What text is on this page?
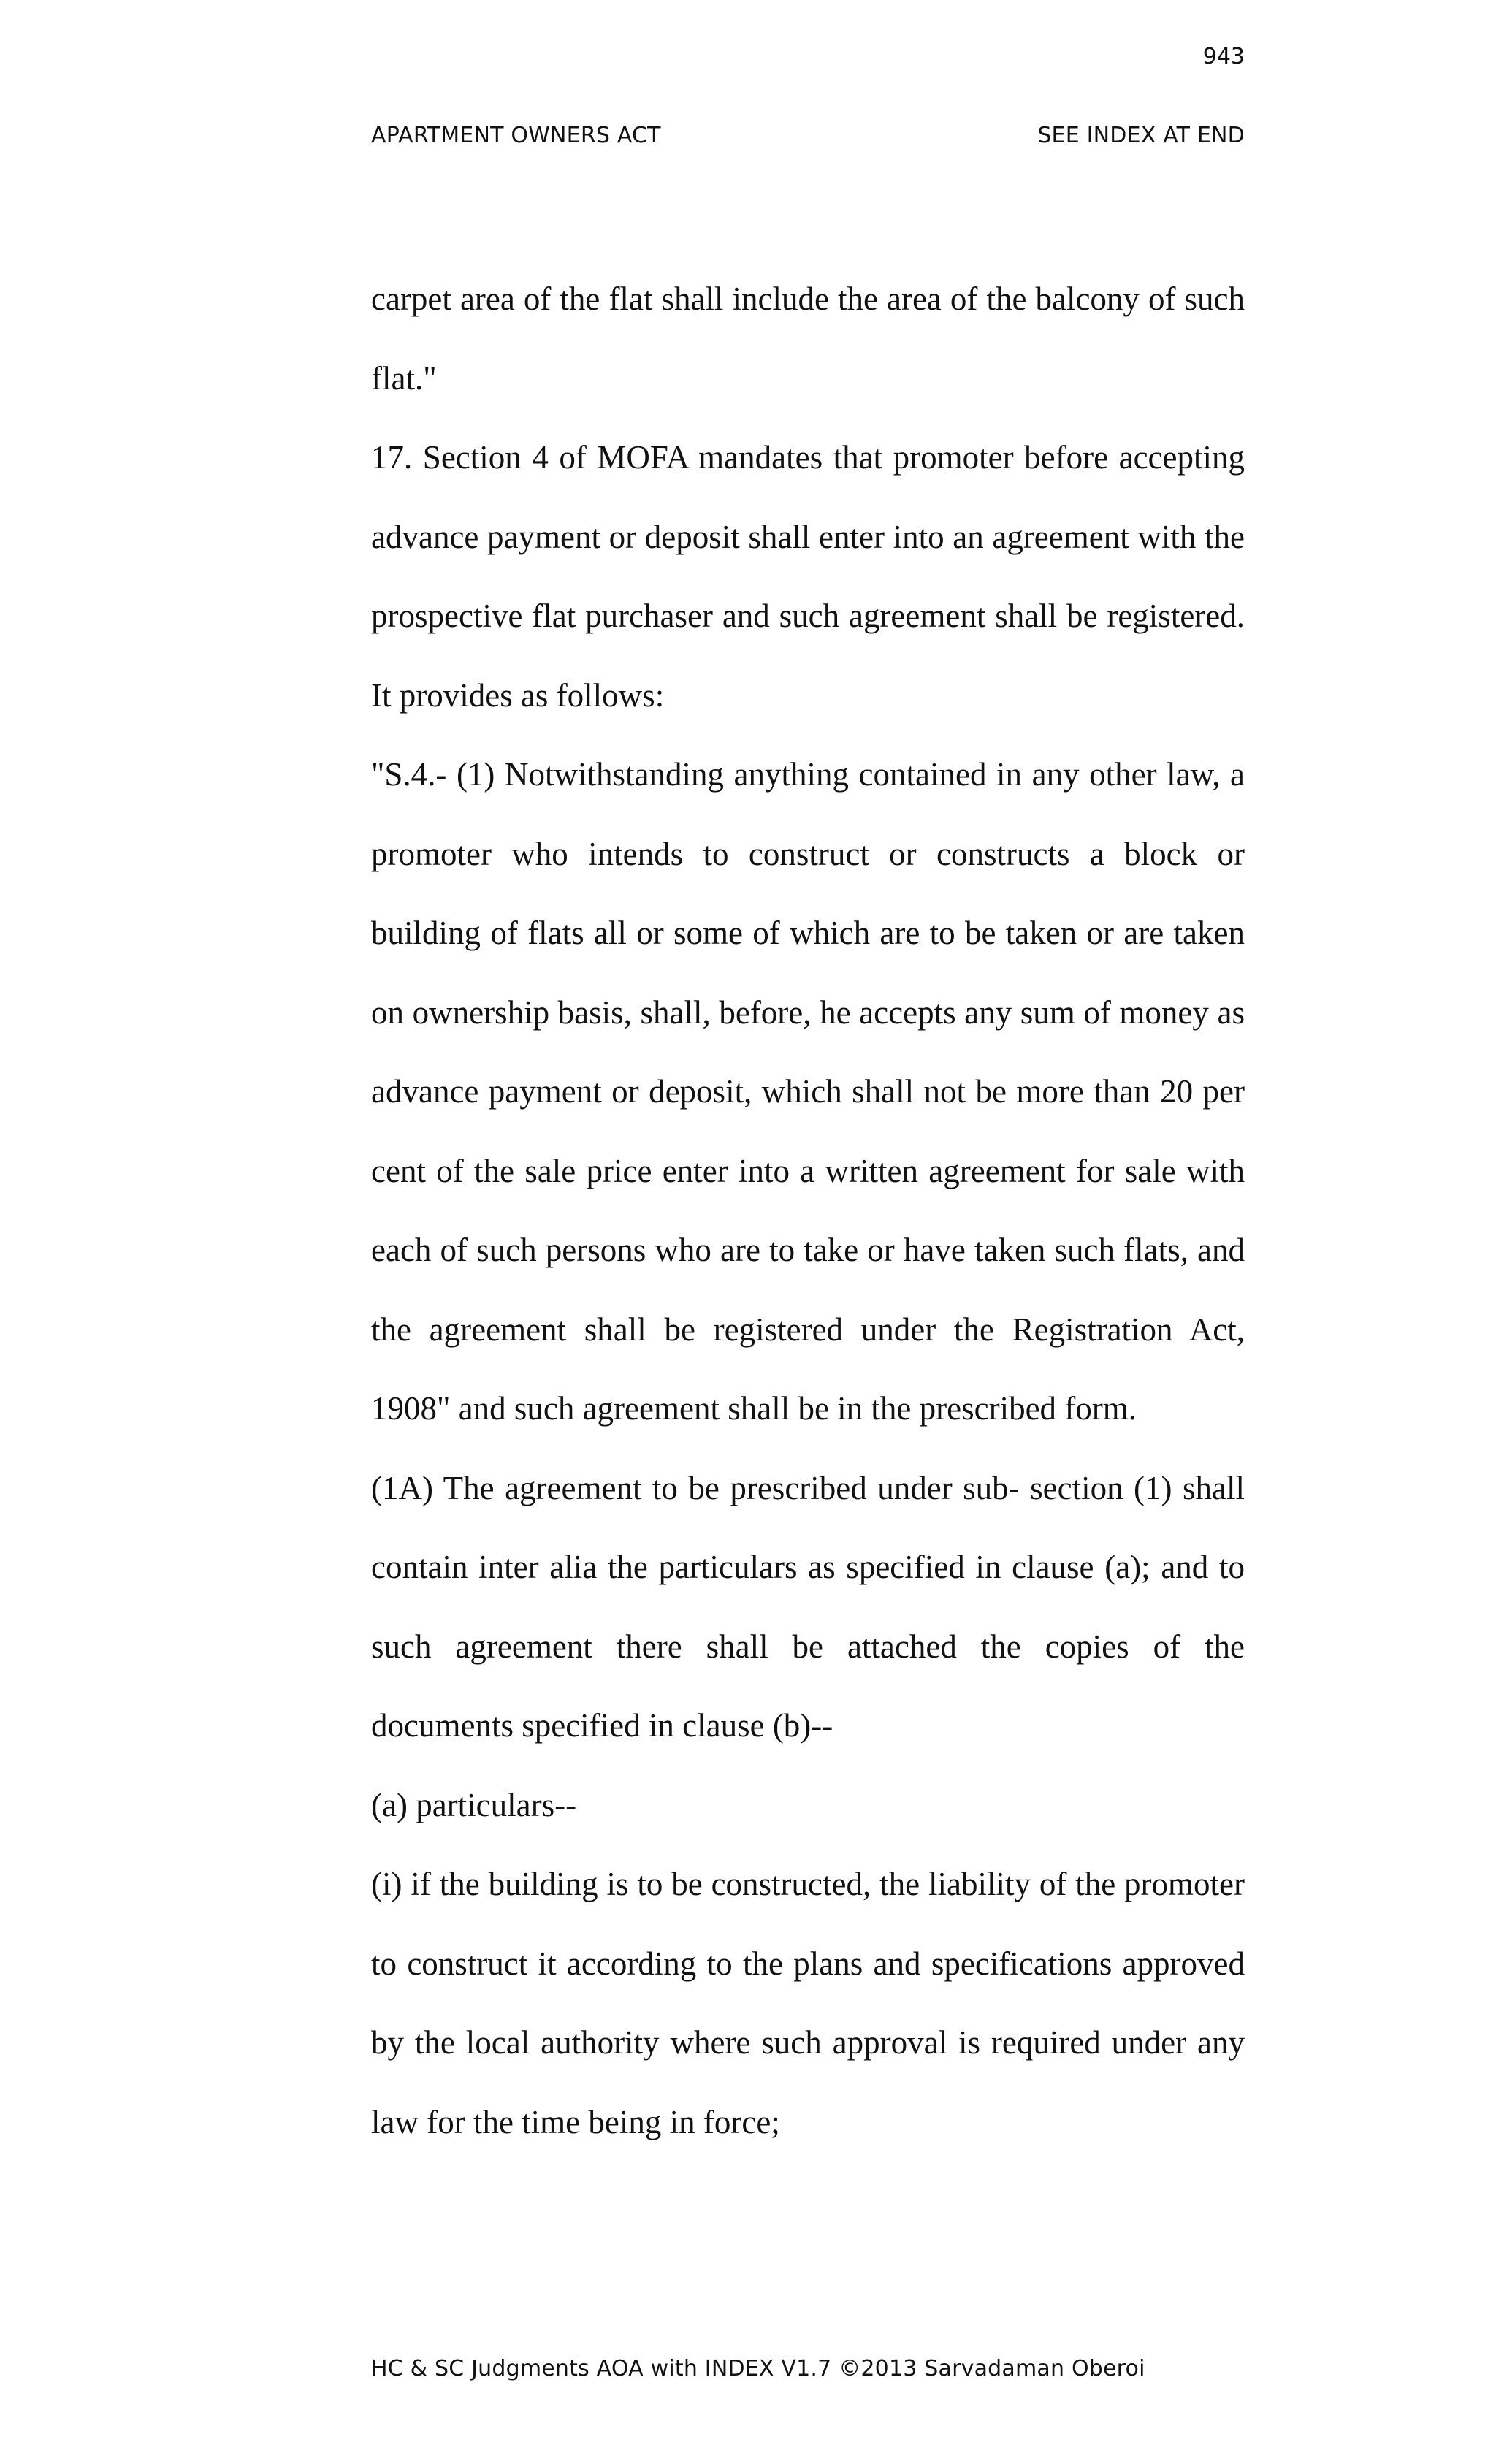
943
APARTMENT OWNERS ACT	SEE INDEX AT END

carpet area of the flat shall include the area of the balcony of such flat."

17. Section 4 of MOFA mandates that promoter before accepting advance payment or deposit shall enter into an agreement with the prospective flat purchaser and such agreement shall be registered. It provides as follows:

"S.4.- (1) Notwithstanding anything contained in any other law, a promoter who intends to construct or constructs a block or building of flats all or some of which are to be taken or are taken on ownership basis, shall, before, he accepts any sum of money as advance payment or deposit, which shall not be more than 20 per cent of the sale price enter into a written agreement for sale with each of such persons who are to take or have taken such flats, and the agreement shall be registered under the Registration Act, 1908" and such agreement shall be in the prescribed form.

(1A) The agreement to be prescribed under sub- section (1) shall contain inter alia the particulars as specified in clause (a); and to such agreement there shall be attached the copies of the documents specified in clause (b)--

(a) particulars--

(i) if the building is to be constructed, the liability of the promoter to construct it according to the plans and specifications approved by the local authority where such approval is required under any law for the time being in force;

HC & SC Judgments AOA with INDEX V1.7 ©2013 Sarvadaman Oberoi
